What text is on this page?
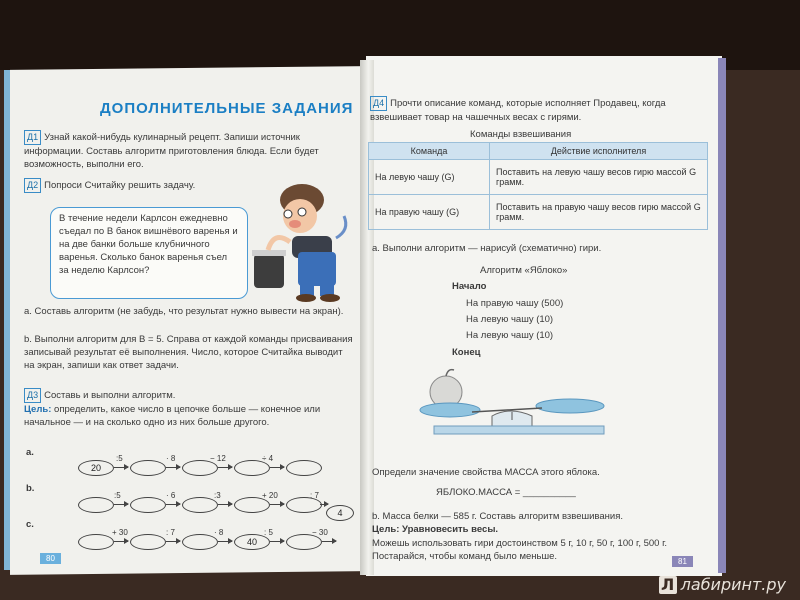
ДОПОЛНИТЕЛЬНЫЕ ЗАДАНИЯ
Д1 Узнай какой-нибудь кулинарный рецепт. Запиши источник информации. Составь алгоритм приготовления блюда. Если будет возможность, выполни его.
Д2 Попроси Считайку решить задачу.
В течение недели Карлсон ежедневно съедал по B банок вишнёвого варенья и на две банки больше клубничного варенья. Сколько банок варенья съел за неделю Карлсон?
a. Составь алгоритм (не забудь, что результат нужно вывести на экран).
b. Выполни алгоритм для B = 5. Справа от каждой команды присваивания записывай результат её выполнения. Число, которое Считайка выводит на экран, запиши как ответ задачи.
Д3 Составь и выполни алгоритм.
Цель: определить, какое число в цепочке больше — конечное или начальное — и на сколько одно из них больше другого.
a.
20
:5	· 8	− 12	÷ 4
b.
:5	· 6	:3	+ 20	: 7
4
c.
+ 30	: 7	· 8
40
: 5	− 30
80
Д4 Прочти описание команд, которые исполняет Продавец, когда взвешивает товар на чашечных весах с гирями.
Команды взвешивания
Команда	Действие исполнителя
На левую чашу (G)	Поставить на левую чашу весов гирю массой G грамм.
На правую чашу (G)	Поставить на правую чашу весов гирю массой G грамм.
a. Выполни алгоритм — нарисуй (схематично) гири.
Алгоритм «Яблоко»
Начало
На правую чашу (500)
На левую чашу (10)
На левую чашу (10)
Конец
Определи значение свойства МАССА этого яблока.
ЯБЛОКО.МАССА = __________
b. Масса белки — 585 г. Составь алгоритм взвешивания.
Цель: Уравновесить весы.
Можешь использовать гири достоинством 5 г, 10 г, 50 г, 100 г, 500 г. Постарайся, чтобы команд было меньше.	81
Л лабиринт.ру
